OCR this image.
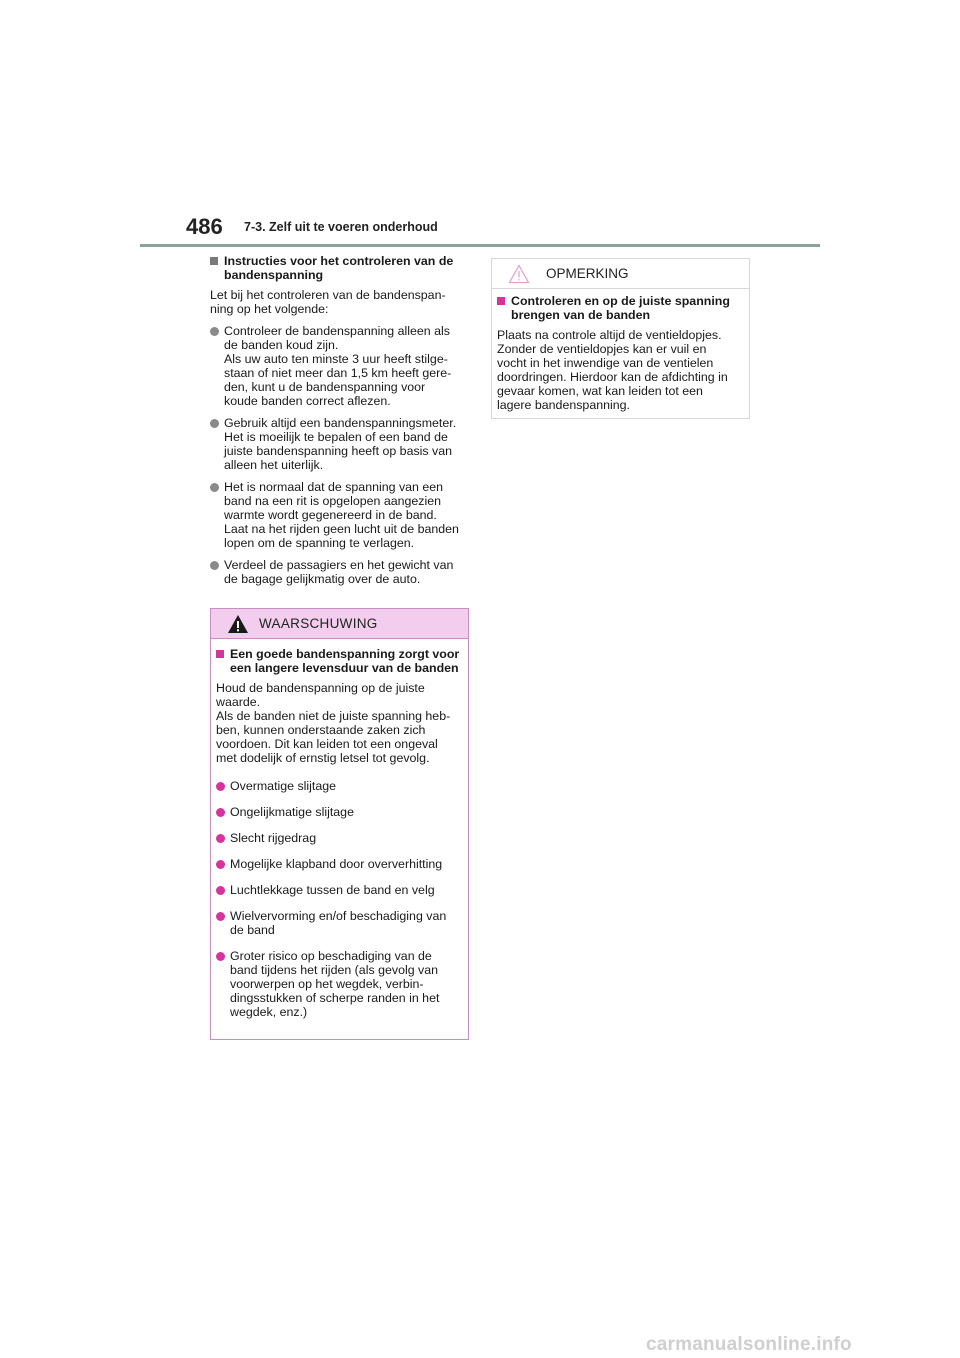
486 7-3. Zelf uit te voeren onderhoud
Instructies voor het controleren van de bandenspanning
Let bij het controleren van de bandenspan-
ning op het volgende:
Controleer de bandenspanning alleen als
de banden koud zijn.
Als uw auto ten minste 3 uur heeft stilge-
staan of niet meer dan 1,5 km heeft gere-
den, kunt u de bandenspanning voor
koude banden correct aflezen.
Gebruik altijd een bandenspanningsmeter.
Het is moeilijk te bepalen of een band de
juiste bandenspanning heeft op basis van
alleen het uiterlijk.
Het is normaal dat de spanning van een
band na een rit is opgelopen aangezien
warmte wordt gegenereerd in de band.
Laat na het rijden geen lucht uit de banden
lopen om de spanning te verlagen.
Verdeel de passagiers en het gewicht van
de bagage gelijkmatig over de auto.
WAARSCHUWING
Een goede bandenspanning zorgt voor een langere levensduur van de banden
Houd de bandenspanning op de juiste
waarde.
Als de banden niet de juiste spanning heb-
ben, kunnen onderstaande zaken zich
voordoen. Dit kan leiden tot een ongeval
met dodelijk of ernstig letsel tot gevolg.
Overmatige slijtage
Ongelijkmatige slijtage
Slecht rijgedrag
Mogelijke klapband door oververhitting
Luchtlekkage tussen de band en velg
Wielvervorming en/of beschadiging van
de band
Groter risico op beschadiging van de
band tijdens het rijden (als gevolg van
voorwerpen op het wegdek, verbin-
dingsstukken of scherpe randen in het
wegdek, enz.)
OPMERKING
Controleren en op de juiste spanning brengen van de banden
Plaats na controle altijd de ventieldopjes.
Zonder de ventieldopjes kan er vuil en
vocht in het inwendige van de ventielen
doordringen. Hierdoor kan de afdichting in
gevaar komen, wat kan leiden tot een
lagere bandenspanning.
carmanualsonline.info
